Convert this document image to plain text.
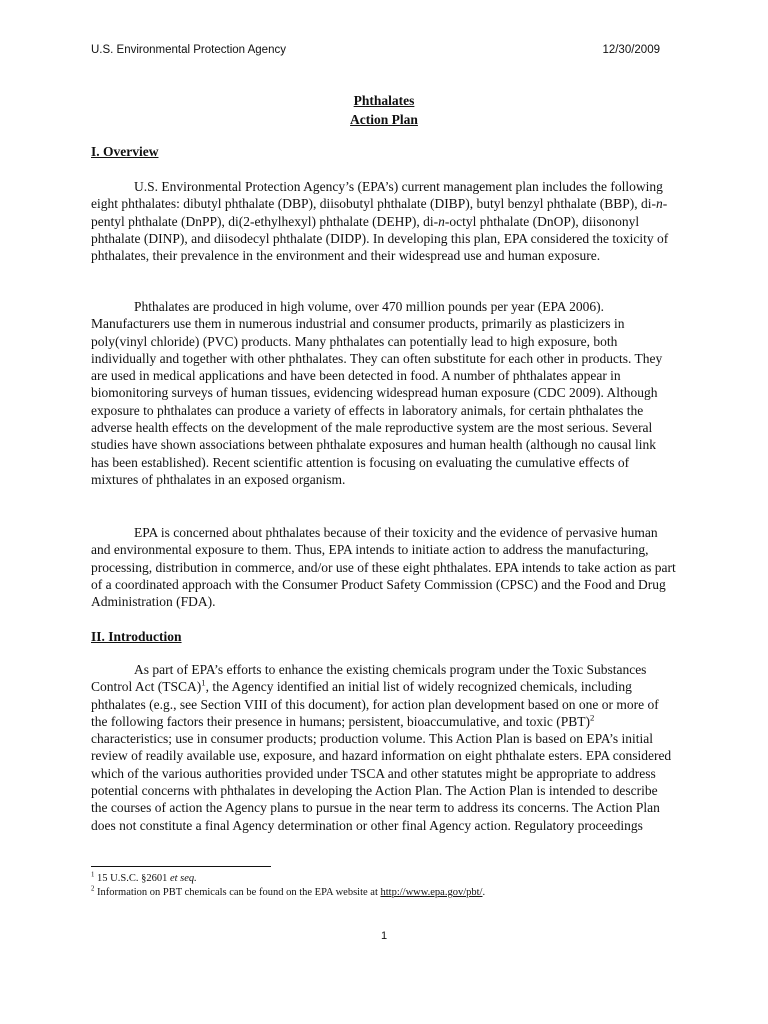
U.S. Environmental Protection Agency	12/30/2009
Phthalates
Action Plan
I. Overview

U.S. Environmental Protection Agency’s (EPA’s) current management plan includes the following eight phthalates: dibutyl phthalate (DBP), diisobutyl phthalate (DIBP), butyl benzyl phthalate (BBP), di-n-pentyl phthalate (DnPP), di(2-ethylhexyl) phthalate (DEHP), di-n-octyl phthalate (DnOP), diisononyl phthalate (DINP), and diisodecyl phthalate (DIDP). In developing this plan, EPA considered the toxicity of phthalates, their prevalence in the environment and their widespread use and human exposure.

Phthalates are produced in high volume, over 470 million pounds per year (EPA 2006). Manufacturers use them in numerous industrial and consumer products, primarily as plasticizers in poly(vinyl chloride) (PVC) products. Many phthalates can potentially lead to high exposure, both individually and together with other phthalates. They can often substitute for each other in products. They are used in medical applications and have been detected in food. A number of phthalates appear in biomonitoring surveys of human tissues, evidencing widespread human exposure (CDC 2009). Although exposure to phthalates can produce a variety of effects in laboratory animals, for certain phthalates the adverse health effects on the development of the male reproductive system are the most serious. Several studies have shown associations between phthalate exposures and human health (although no causal link has been established). Recent scientific attention is focusing on evaluating the cumulative effects of mixtures of phthalates in an exposed organism.

EPA is concerned about phthalates because of their toxicity and the evidence of pervasive human and environmental exposure to them. Thus, EPA intends to initiate action to address the manufacturing, processing, distribution in commerce, and/or use of these eight phthalates. EPA intends to take action as part of a coordinated approach with the Consumer Product Safety Commission (CPSC) and the Food and Drug Administration (FDA).

II. Introduction

As part of EPA’s efforts to enhance the existing chemicals program under the Toxic Substances Control Act (TSCA)$^1$, the Agency identified an initial list of widely recognized chemicals, including phthalates (e.g., see Section VIII of this document), for action plan development based on one or more of the following factors their presence in humans; persistent, bioaccumulative, and toxic (PBT)$^2$ characteristics; use in consumer products; production volume. This Action Plan is based on EPA’s initial review of readily available use, exposure, and hazard information on eight phthalate esters. EPA considered which of the various authorities provided under TSCA and other statutes might be appropriate to address potential concerns with phthalates in developing the Action Plan. The Action Plan is intended to describe the courses of action the Agency plans to pursue in the near term to address its concerns. The Action Plan does not constitute a final Agency determination or other final Agency action. Regulatory proceedings

$^1$ 15 U.S.C. §2601 et seq.
$^2$ Information on PBT chemicals can be found on the EPA website at http://www.epa.gov/pbt/.
1
